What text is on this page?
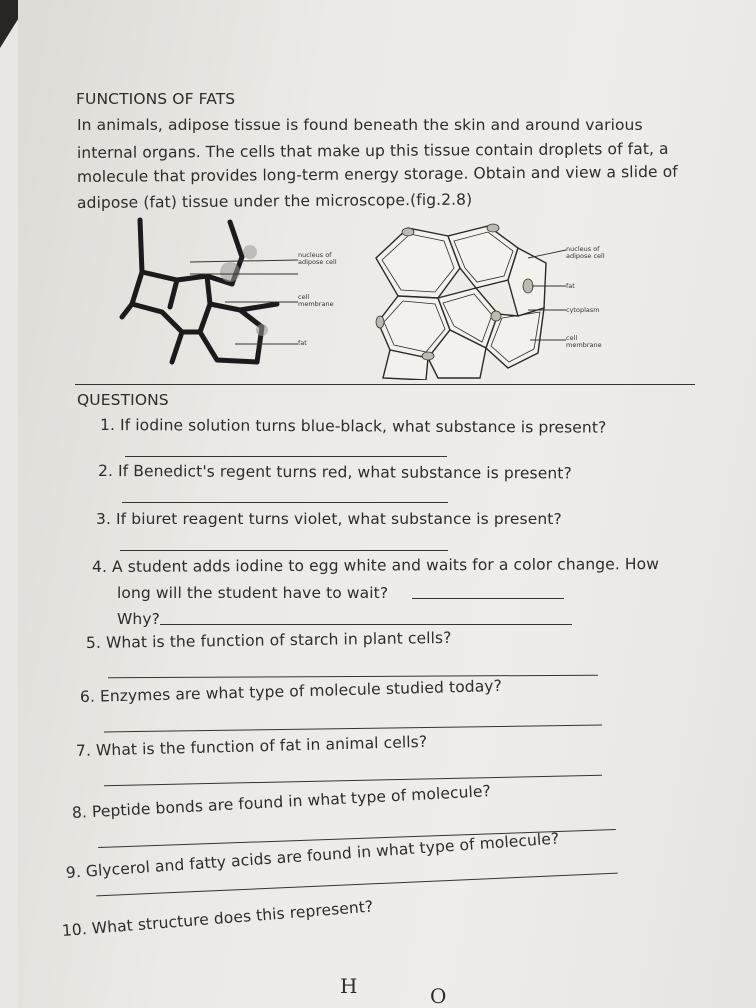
FUNCTIONS OF FATS
In animals, adipose tissue is found beneath the skin and around various
internal organs. The cells that make up this tissue contain droplets of fat, a
molecule that provides long-term energy storage. Obtain and view a slide of
adipose (fat) tissue under the microscope.(fig.2.8)
nucleus of
adipose cell
cell
membrane
fat
nucleus of
adipose cell
fat
cytoplasm
cell
membrane
QUESTIONS
1. If iodine solution turns blue-black, what substance is present?
2. If Benedict's regent turns red, what substance is present?
3. If biuret reagent turns violet, what substance is present?
4. A student adds iodine to egg white and waits for a color change. How
long will the student have to wait?
Why?
5. What is the function of starch in plant cells?
6. Enzymes are what type of molecule studied today?
7. What is the function of fat in animal cells?
8. Peptide bonds are found in what type of molecule?
9. Glycerol and fatty acids are found in what type of molecule?
10. What structure does this represent?
H	O
